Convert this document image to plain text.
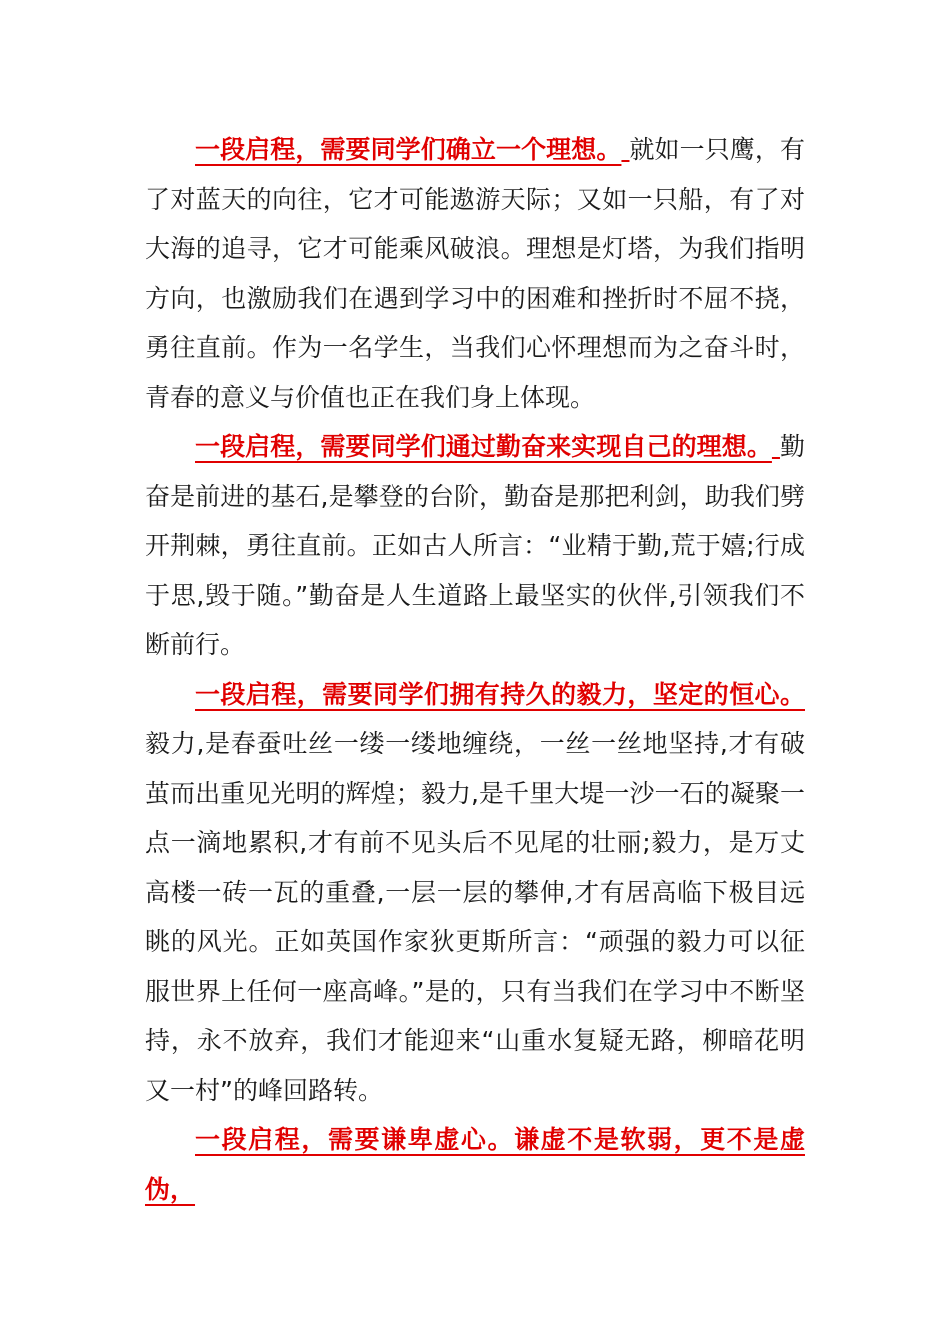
一段启程，需要同学们确立一个理想。 就如一只鹰，有了对蓝天的向往，它才可能遨游天际；又如一只船，有了对大海的追寻，它才可能乘风破浪。理想是灯塔，为我们指明方向，也激励我们在遇到学习中的困难和挫折时不屈不挠，勇往直前。作为一名学生，当我们心怀理想而为之奋斗时，青春的意义与价值也正在我们身上体现。

一段启程，需要同学们通过勤奋来实现自己的理想。 勤奋是前进的基石,是攀登的台阶，勤奋是那把利剑，助我们劈开荆棘，勇往直前。正如古人所言：“业精于勤,荒于嬉;行成于思,毁于随。”勤奋是人生道路上最坚实的伙伴,引领我们不断前行。

一段启程，需要同学们拥有持久的毅力，坚定的恒心。 毅力,是春蚕吐丝一缕一缕地缠绕，一丝一丝地坚持,才有破茧而出重见光明的辉煌；毅力,是千里大堤一沙一石的凝聚一点一滴地累积,才有前不见头后不见尾的壮丽;毅力，是万丈高楼一砖一瓦的重叠,一层一层的攀伸,才有居高临下极目远眺的风光。正如英国作家狄更斯所言：“顽强的毅力可以征服世界上任何一座高峰。”是的，只有当我们在学习中不断坚持，永不放弃，我们才能迎来“山重水复疑无路，柳暗花明又一村”的峰回路转。

一段启程，需要谦卑虚心。谦虚不是软弱，更不是虚伪，
